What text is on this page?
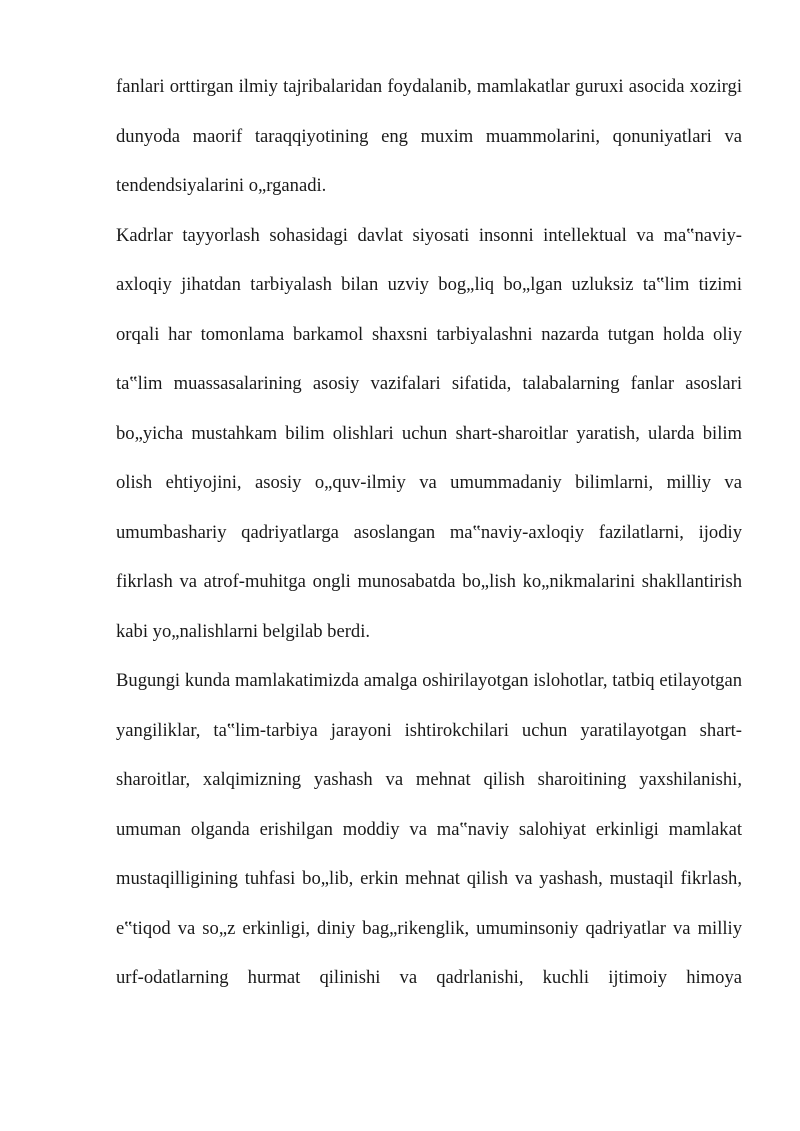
fanlari orttirgan ilmiy tajribalaridan foydalanib, mamlakatlar guruxi asocida xozirgi dunyoda maorif taraqqiyotining eng muxim muammolarini, qonuniyatlari va tendendsiyalarini o„rganadi.

Kadrlar tayyorlash sohasidagi davlat siyosati insonni intellektual va ma‟naviy-axloqiy jihatdan tarbiyalash bilan uzviy bog„liq bo„lgan uzluksiz ta‟lim tizimi orqali har tomonlama barkamol shaxsni tarbiyalashni nazarda tutgan holda oliy ta‟lim muassasalarining asosiy vazifalari sifatida, talabalarning fanlar asoslari bo„yicha mustahkam bilim olishlari uchun shart-sharoitlar yaratish, ularda bilim olish ehtiyojini, asosiy o„quv-ilmiy va umummadaniy bilimlarni, milliy va umumbashariy qadriyatlarga asoslangan ma‟naviy-axloqiy fazilatlarni, ijodiy fikrlash va atrof-muhitga ongli munosabatda bo„lish ko„nikmalarini shakllantirish kabi yo„nalishlarni belgilab berdi.

Bugungi kunda mamlakatimizda amalga oshirilayotgan islohotlar, tatbiq etilayotgan yangiliklar, ta‟lim-tarbiya jarayoni ishtirokchilari uchun yaratilayotgan shart-sharoitlar, xalqimizning yashash va mehnat qilish sharoitining yaxshilanishi, umuman olganda erishilgan moddiy va ma‟naviy salohiyat erkinligi mamlakat mustaqilligining tuhfasi bo„lib, erkin mehnat qilish va yashash, mustaqil fikrlash, e‟tiqod va so„z erkinligi, diniy bag„rikenglik, umuminsoniy qadriyatlar va milliy urf-odatlarning hurmat qilinishi va qadrlanishi, kuchli ijtimoiy himoya
